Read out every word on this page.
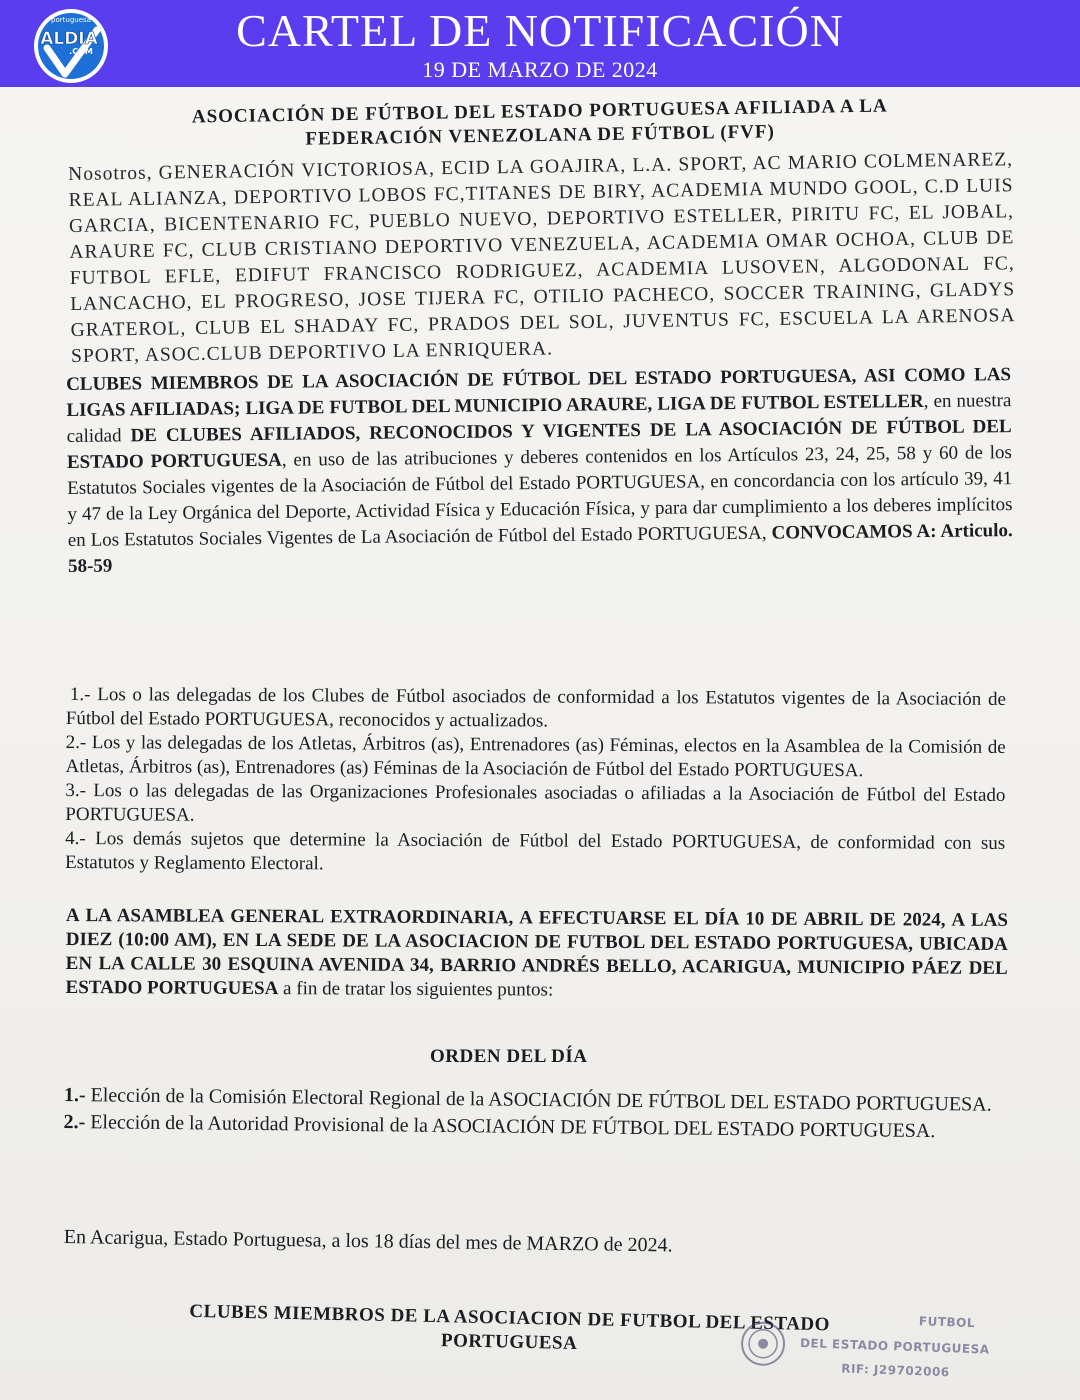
portuguesa
ALDIA
.COM	CARTEL DE NOTIFICACIÓN
19 DE MARZO DE 2024
ASOCIACIÓN DE FÚTBOL DEL ESTADO PORTUGUESA AFILIADA A LA
FEDERACIÓN VENEZOLANA DE FÚTBOL (FVF)
Nosotros, GENERACIÓN VICTORIOSA, ECID LA GOAJIRA, L.A. SPORT, AC MARIO COLMENAREZ, REAL ALIANZA, DEPORTIVO LOBOS FC,TITANES DE BIRY, ACADEMIA MUNDO GOOL, C.D LUIS GARCIA, BICENTENARIO FC, PUEBLO NUEVO, DEPORTIVO ESTELLER, PIRITU FC, EL JOBAL, ARAURE FC, CLUB CRISTIANO DEPORTIVO VENEZUELA, ACADEMIA OMAR OCHOA, CLUB DE FUTBOL EFLE, EDIFUT FRANCISCO RODRIGUEZ, ACADEMIA LUSOVEN, ALGODONAL FC, LANCACHO, EL PROGRESO, JOSE TIJERA FC, OTILIO PACHECO, SOCCER TRAINING, GLADYS GRATEROL, CLUB EL SHADAY FC, PRADOS DEL SOL, JUVENTUS FC, ESCUELA LA ARENOSA SPORT, ASOC.CLUB DEPORTIVO LA ENRIQUERA.
CLUBES MIEMBROS DE LA ASOCIACIÓN DE FÚTBOL DEL ESTADO PORTUGUESA, ASI COMO LAS LIGAS AFILIADAS; LIGA DE FUTBOL DEL MUNICIPIO ARAURE, LIGA DE FUTBOL ESTELLER, en nuestra calidad DE CLUBES AFILIADOS, RECONOCIDOS Y VIGENTES DE LA ASOCIACIÓN DE FÚTBOL DEL ESTADO PORTUGUESA, en uso de las atribuciones y deberes contenidos en los Artículos 23, 24, 25, 58 y 60 de los Estatutos Sociales vigentes de la Asociación de Fútbol del Estado PORTUGUESA, en concordancia con los artículo 39, 41 y 47 de la Ley Orgánica del Deporte, Actividad Física y Educación Física, y para dar cumplimiento a los deberes implícitos en Los Estatutos Sociales Vigentes de La Asociación de Fútbol del Estado PORTUGUESA, CONVOCAMOS A: Articulo. 58-59

1.- Los o las delegadas de los Clubes de Fútbol asociados de conformidad a los Estatutos vigentes de la Asociación de Fútbol del Estado PORTUGUESA, reconocidos y actualizados.

2.- Los y las delegadas de los Atletas, Árbitros (as), Entrenadores (as) Féminas, electos en la Asamblea de la Comisión de Atletas, Árbitros (as), Entrenadores (as) Féminas de la Asociación de Fútbol del Estado PORTUGUESA.

3.- Los o las delegadas de las Organizaciones Profesionales asociadas o afiliadas a la Asociación de Fútbol del Estado PORTUGUESA.

4.- Los demás sujetos que determine la Asociación de Fútbol del Estado PORTUGUESA, de conformidad con sus Estatutos y Reglamento Electoral.

A LA ASAMBLEA GENERAL EXTRAORDINARIA, A EFECTUARSE EL DÍA 10 DE ABRIL DE 2024, A LAS DIEZ (10:00 AM), EN LA SEDE DE LA ASOCIACION DE FUTBOL DEL ESTADO PORTUGUESA, UBICADA EN LA CALLE 30 ESQUINA AVENIDA 34, BARRIO ANDRÉS BELLO, ACARIGUA, MUNICIPIO PÁEZ DEL ESTADO PORTUGUESA a fin de tratar los siguientes puntos:
ORDEN DEL DÍA

1.- Elección de la Comisión Electoral Regional de la ASOCIACIÓN DE FÚTBOL DEL ESTADO PORTUGUESA.

2.- Elección de la Autoridad Provisional de la ASOCIACIÓN DE FÚTBOL DEL ESTADO PORTUGUESA.

En Acarigua, Estado Portuguesa, a los 18 días del mes de MARZO de 2024.
CLUBES MIEMBROS DE LA ASOCIACION DE FUTBOL DEL ESTADO
PORTUGUESA
FUTBOL
DEL ESTADO PORTUGUESA
RIF: J29702006
